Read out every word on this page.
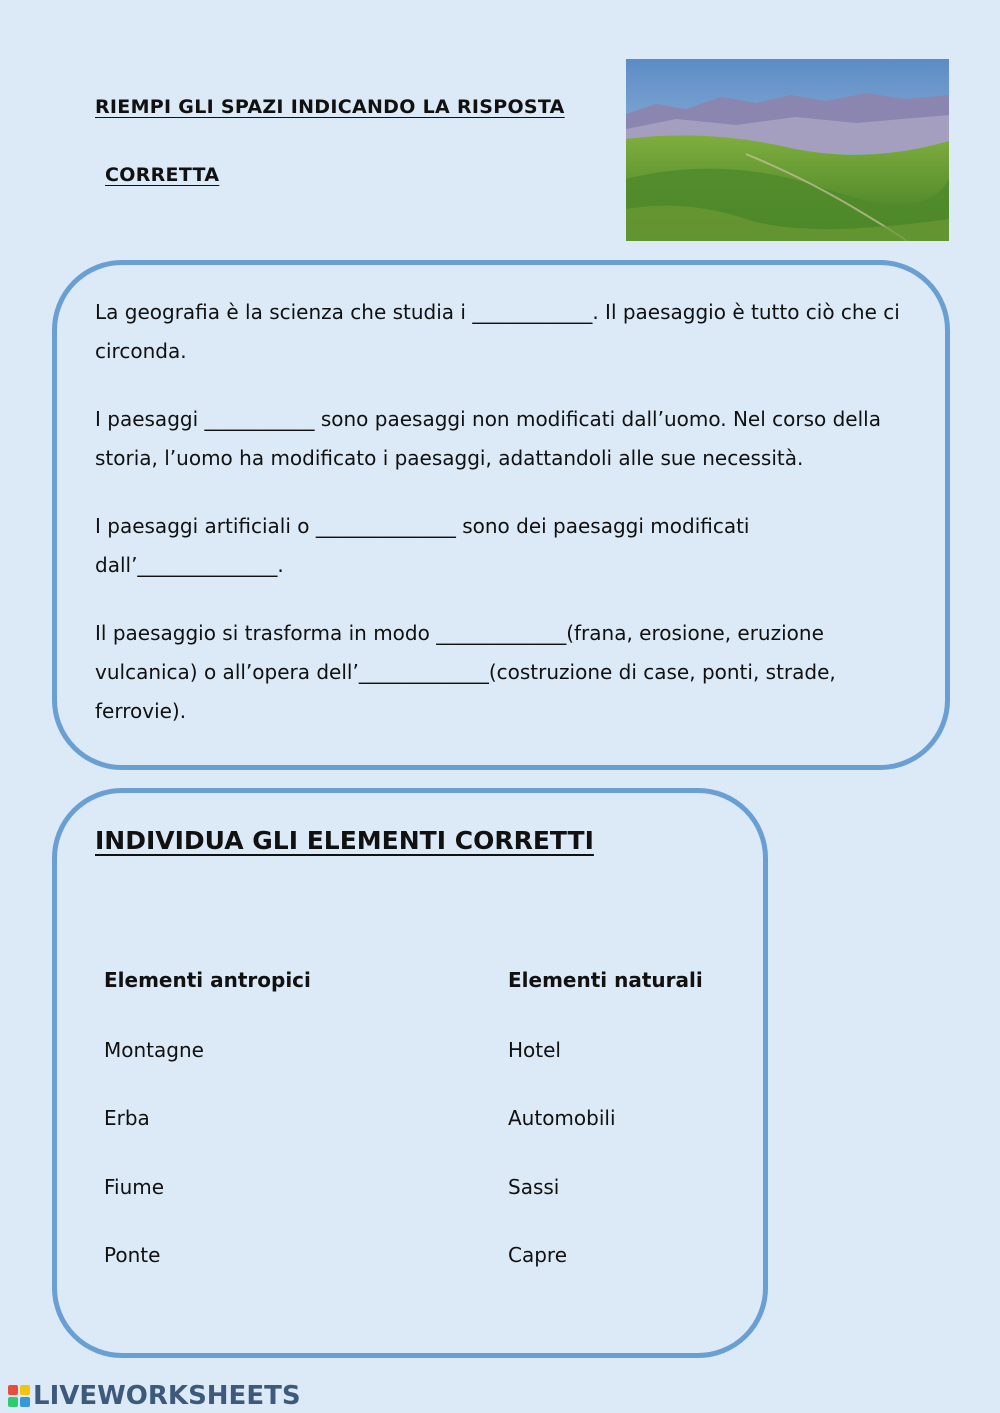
RIEMPI GLI SPAZI INDICANDO LA RISPOSTA
CORRETTA
La geografia è la scienza che studia i ____________. Il paesaggio è tutto ciò che ci circonda.
I paesaggi ___________ sono paesaggi non modificati dall’uomo. Nel corso della storia, l’uomo ha modificato i paesaggi, adattandoli alle sue necessità.
I paesaggi artificiali o ______________ sono dei paesaggi modificati dall’______________.
Il paesaggio si trasforma in modo _____________(frana, erosione, eruzione vulcanica) o all’opera dell’_____________(costruzione di case, ponti, strade, ferrovie).
INDIVIDUA GLI ELEMENTI CORRETTI
Elementi antropici	Elementi naturali
Montagne
Erba
Fiume
Ponte
Hotel
Automobili
Sassi
Capre
LIVEWORKSHEETS
